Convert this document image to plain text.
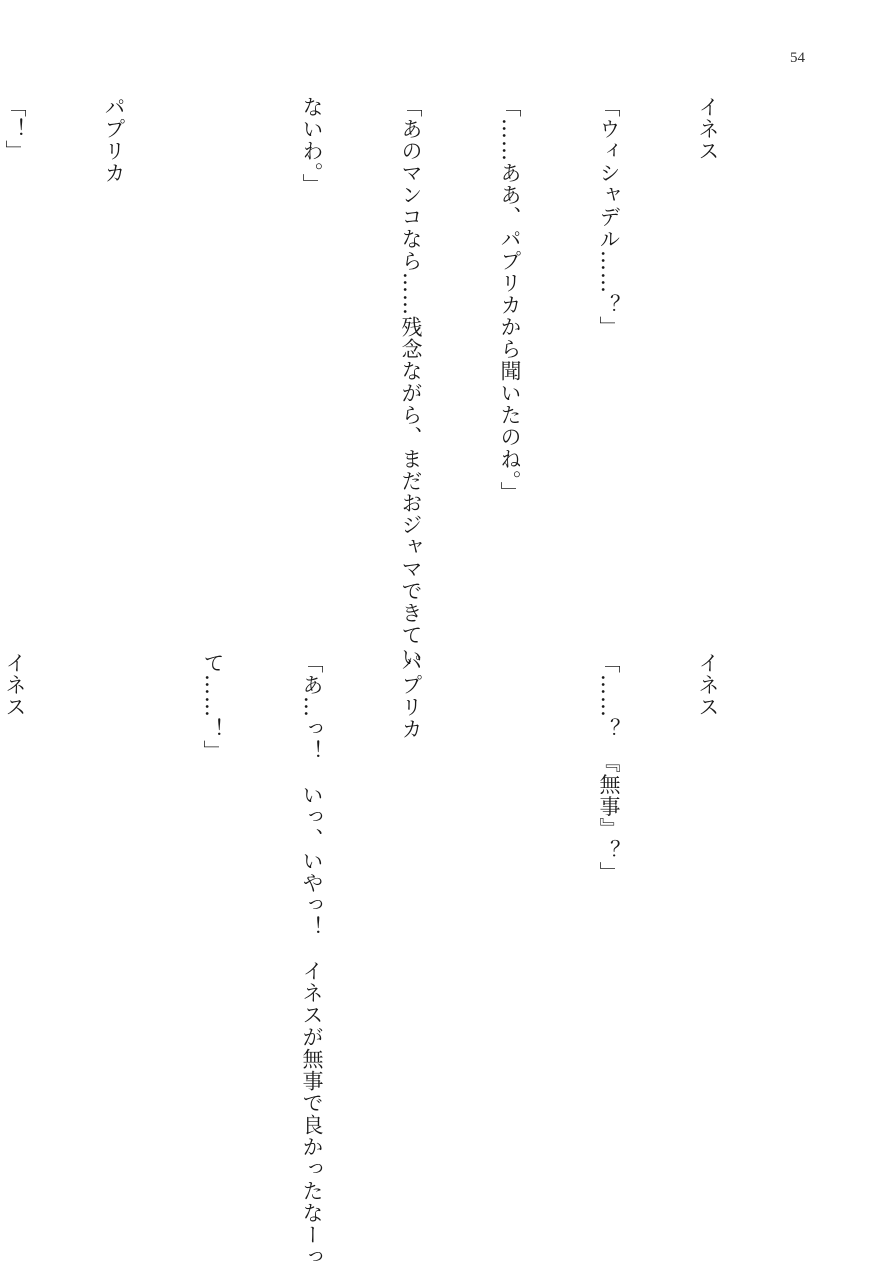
54

イネス

「ウィシャデル……？」

「……ああ、パプリカから聞いたのね。」

「あのマンコなら……残念ながら、まだおジャマできてい

ないわ。」

パプリカ

「！」

イネス

「……？　『無事』？」

パプリカ

「あ…っ！　いっ、いやっ！　イネスが無事で良かったなーっ

て……！」

イネス
